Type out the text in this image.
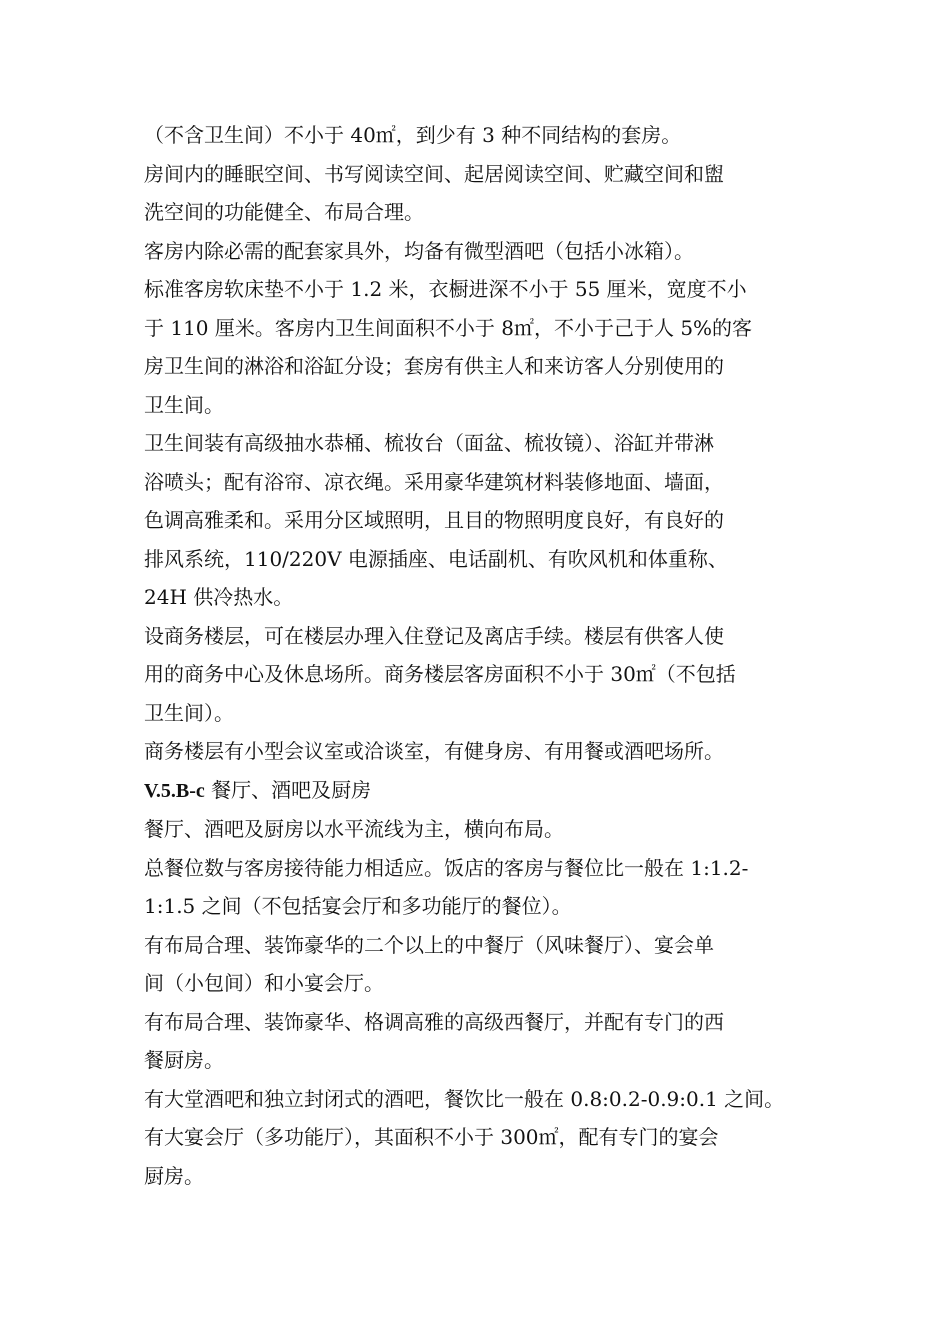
（不含卫生间）不小于 40㎡，到少有 3 种不同结构的套房。

房间内的睡眠空间、书写阅读空间、起居阅读空间、贮藏空间和盥
洗空间的功能健全、布局合理。

客房内除必需的配套家具外，均备有微型酒吧（包括小冰箱）。

标准客房软床垫不小于 1.2 米，衣橱进深不小于 55 厘米，宽度不小
于 110 厘米。客房内卫生间面积不小于 8㎡，不小于己于人 5%的客
房卫生间的淋浴和浴缸分设；套房有供主人和来访客人分别使用的
卫生间。

卫生间装有高级抽水恭桶、梳妆台（面盆、梳妆镜）、浴缸并带淋
浴喷头；配有浴帘、凉衣绳。采用豪华建筑材料装修地面、墙面，
色调高雅柔和。采用分区域照明，且目的物照明度良好，有良好的
排风系统，110/220V 电源插座、电话副机、有吹风机和体重称、
24H 供冷热水。

设商务楼层，可在楼层办理入住登记及离店手续。楼层有供客人使
用的商务中心及休息场所。商务楼层客房面积不小于 30㎡（不包括
卫生间）。

商务楼层有小型会议室或洽谈室，有健身房、有用餐或酒吧场所。

V.5.B-c 餐厅、酒吧及厨房

餐厅、酒吧及厨房以水平流线为主，横向布局。

总餐位数与客房接待能力相适应。饭店的客房与餐位比一般在 1:1.2-
1:1.5 之间（不包括宴会厅和多功能厅的餐位）。

有布局合理、装饰豪华的二个以上的中餐厅（风味餐厅）、宴会单
间（小包间）和小宴会厅。

有布局合理、装饰豪华、格调高雅的高级西餐厅，并配有专门的西
餐厨房。

有大堂酒吧和独立封闭式的酒吧，餐饮比一般在 0.8:0.2-0.9:0.1 之间。

有大宴会厅（多功能厅），其面积不小于 300㎡，配有专门的宴会
厨房。
